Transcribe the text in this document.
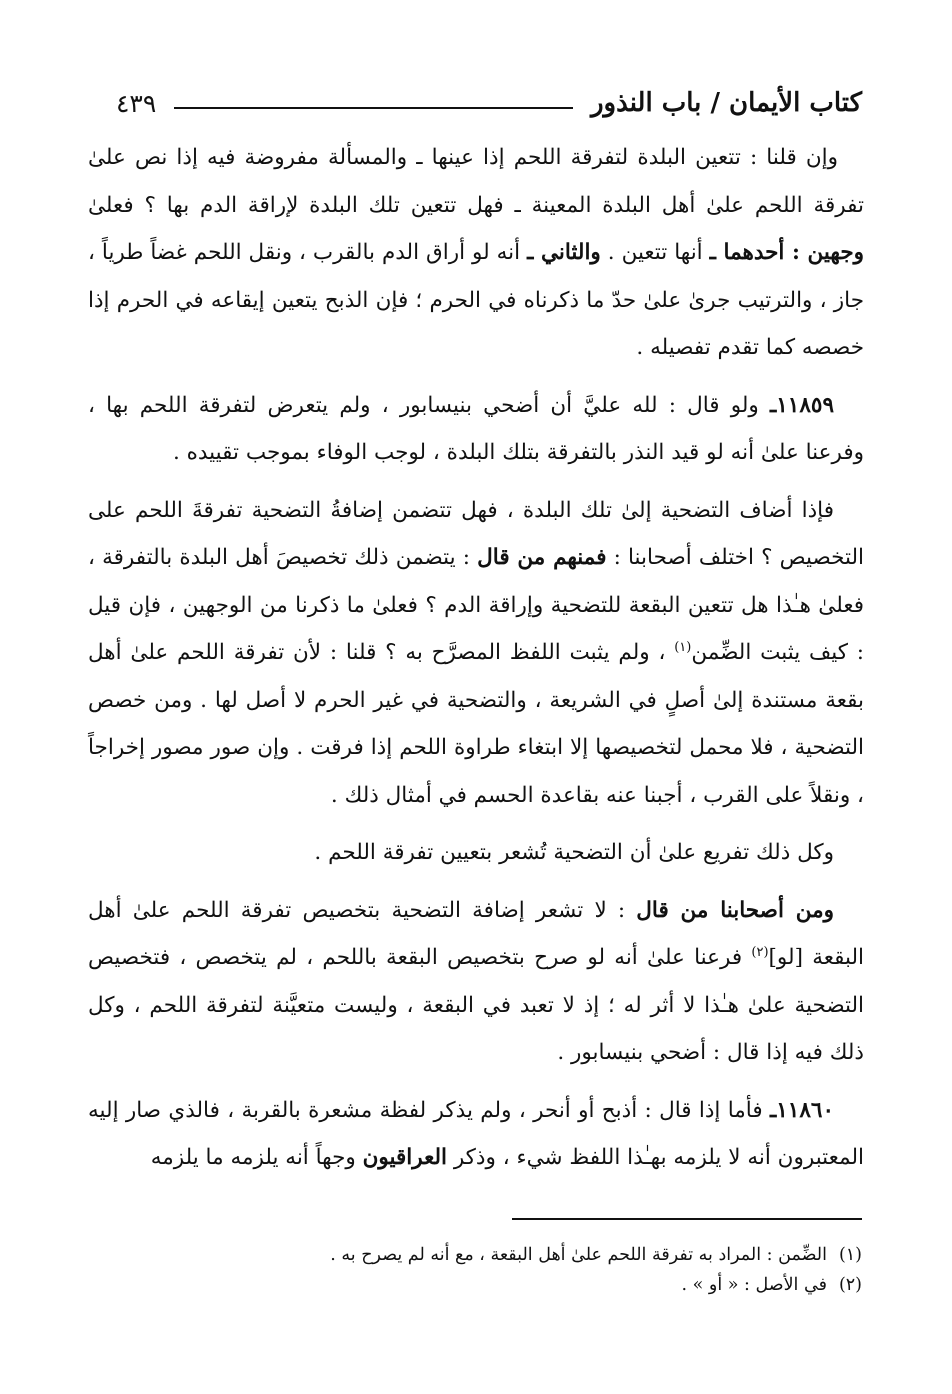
كتاب الأيمان / باب النذور
٤٣٩

وإن قلنا : تتعين البلدة لتفرقة اللحم إذا عينها ـ والمسألة مفروضة فيه إذا نص علىٰ تفرقة اللحم علىٰ أهل البلدة المعينة ـ فهل تتعين تلك البلدة لإراقة الدم بها ؟ فعلىٰ وجهين : أحدهما ـ أنها تتعين . والثاني ـ أنه لو أراق الدم بالقرب ، ونقل اللحم غضاً طرياً ، جاز ، والترتيب جرىٰ علىٰ حدّ ما ذكرناه في الحرم ؛ فإن الذبح يتعين إيقاعه في الحرم إذا خصصه كما تقدم تفصيله .

١١٨٥٩ـ ولو قال : لله عليَّ أن أضحي بنيسابور ، ولم يتعرض لتفرقة اللحم بها ، وفرعنا علىٰ أنه لو قيد النذر بالتفرقة بتلك البلدة ، لوجب الوفاء بموجب تقييده .

فإذا أضاف التضحية إلىٰ تلك البلدة ، فهل تتضمن إضافةُ التضحية تفرقةَ اللحم على التخصيص ؟ اختلف أصحابنا : فمنهم من قال : يتضمن ذلك تخصيصَ أهل البلدة بالتفرقة ، فعلىٰ هـٰذا هل تتعين البقعة للتضحية وإراقة الدم ؟ فعلىٰ ما ذكرنا من الوجهين ، فإن قيل : كيف يثبت الضِّمن$^{(١)}$ ، ولم يثبت اللفظ المصرَّح به ؟ قلنا : لأن تفرقة اللحم علىٰ أهل بقعة مستندة إلىٰ أصلٍ في الشريعة ، والتضحية في غير الحرم لا أصل لها . ومن خصص التضحية ، فلا محمل لتخصيصها إلا ابتغاء طراوة اللحم إذا فرقت . وإن صور مصور إخراجاً ، ونقلاً على القرب ، أجبنا عنه بقاعدة الحسم في أمثال ذلك .

وكل ذلك تفريع علىٰ أن التضحية تُشعر بتعيين تفرقة اللحم .

ومن أصحابنا من قال : لا تشعر إضافة التضحية بتخصيص تفرقة اللحم علىٰ أهل البقعة [لو]$^{(٢)}$ فرعنا علىٰ أنه لو صرح بتخصيص البقعة باللحم ، لم يتخصص ، فتخصيص التضحية علىٰ هـٰذا لا أثر له ؛ إذ لا تعبد في البقعة ، وليست متعيَّنة لتفرقة اللحم ، وكل ذلك فيه إذا قال : أضحي بنيسابور .

١١٨٦٠ـ فأما إذا قال : أذبح أو أنحر ، ولم يذكر لفظة مشعرة بالقربة ، فالذي صار إليه المعتبرون أنه لا يلزمه بهـٰذا اللفظ شيء ، وذكر العراقيون وجهاً أنه يلزمه ما يلزمه

(١)
الضِّمن : المراد به تفرقة اللحم علىٰ أهل البقعة ، مع أنه لم يصرح به .
(٢)
في الأصل : « أو » .
